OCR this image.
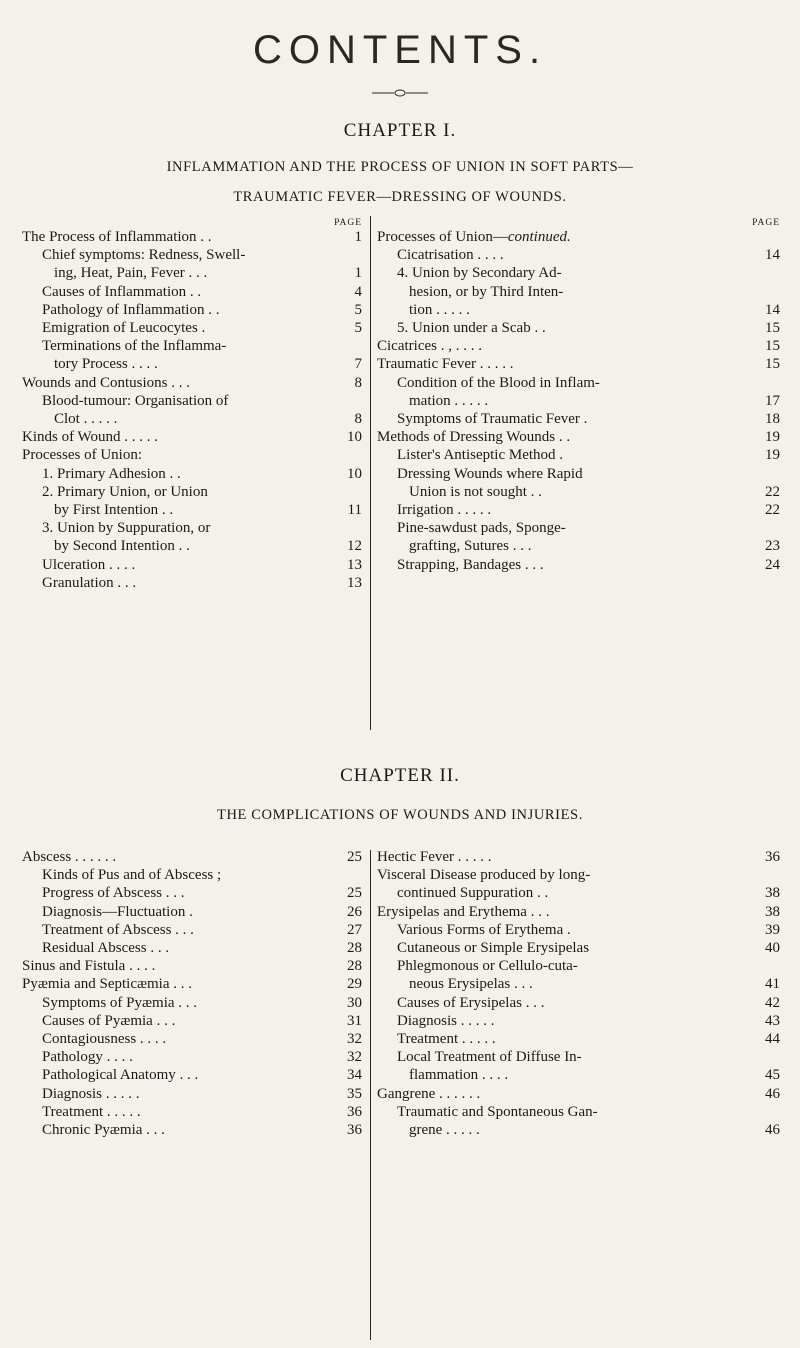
CONTENTS.
CHAPTER I.
INFLAMMATION AND THE PROCESS OF UNION IN SOFT PARTS—
TRAUMATIC FEVER—DRESSING OF WOUNDS.
PAGE
The Process of Inflammation . .	1
Chief symptoms: Redness, Swell-
ing, Heat, Pain, Fever . . .	1
Causes of Inflammation . .	4
Pathology of Inflammation . .	5
Emigration of Leucocytes .	5
Terminations of the Inflamma-
tory Process . . . .	7
Wounds and Contusions . . .	8
Blood-tumour: Organisation of
Clot . . . . .	8
Kinds of Wound . . . . .	10
Processes of Union:
1. Primary Adhesion . .	10
2. Primary Union, or Union
by First Intention . .	11
3. Union by Suppuration, or
by Second Intention . .	12
Ulceration . . . .	13
Granulation . . .	13
PAGE
Processes of Union—continued.
Cicatrisation . . . .	14
4. Union by Secondary Ad-
hesion, or by Third Inten-
tion . . . . .	14
5. Union under a Scab . .	15
Cicatrices . , . . . .	15
Traumatic Fever . . . . .	15
Condition of the Blood in Inflam-
mation . . . . .	17
Symptoms of Traumatic Fever .	18
Methods of Dressing Wounds . .	19
Lister's Antiseptic Method .	19
Dressing Wounds where Rapid
Union is not sought . .	22
Irrigation . . . . .	22
Pine-sawdust pads, Sponge-
grafting, Sutures . . .	23
Strapping, Bandages . . .	24
CHAPTER II.
THE COMPLICATIONS OF WOUNDS AND INJURIES.
Abscess . . . . . .	25
Kinds of Pus and of Abscess ;
Progress of Abscess . . .	25
Diagnosis—Fluctuation .	26
Treatment of Abscess . . .	27
Residual Abscess . . .	28
Sinus and Fistula . . . .	28
Pyæmia and Septicæmia . . .	29
Symptoms of Pyæmia . . .	30
Causes of Pyæmia . . .	31
Contagiousness . . . .	32
Pathology . . . .	32
Pathological Anatomy . . .	34
Diagnosis . . . . .	35
Treatment . . . . .	36
Chronic Pyæmia . . .	36
Hectic Fever . . . . .	36
Visceral Disease produced by long-
continued Suppuration . .	38
Erysipelas and Erythema . . .	38
Various Forms of Erythema .	39
Cutaneous or Simple Erysipelas	40
Phlegmonous or Cellulo-cuta-
neous Erysipelas . . .	41
Causes of Erysipelas . . .	42
Diagnosis . . . . .	43
Treatment . . . . .	44
Local Treatment of Diffuse In-
flammation . . . .	45
Gangrene . . . . . .	46
Traumatic and Spontaneous Gan-
grene . . . . .	46
